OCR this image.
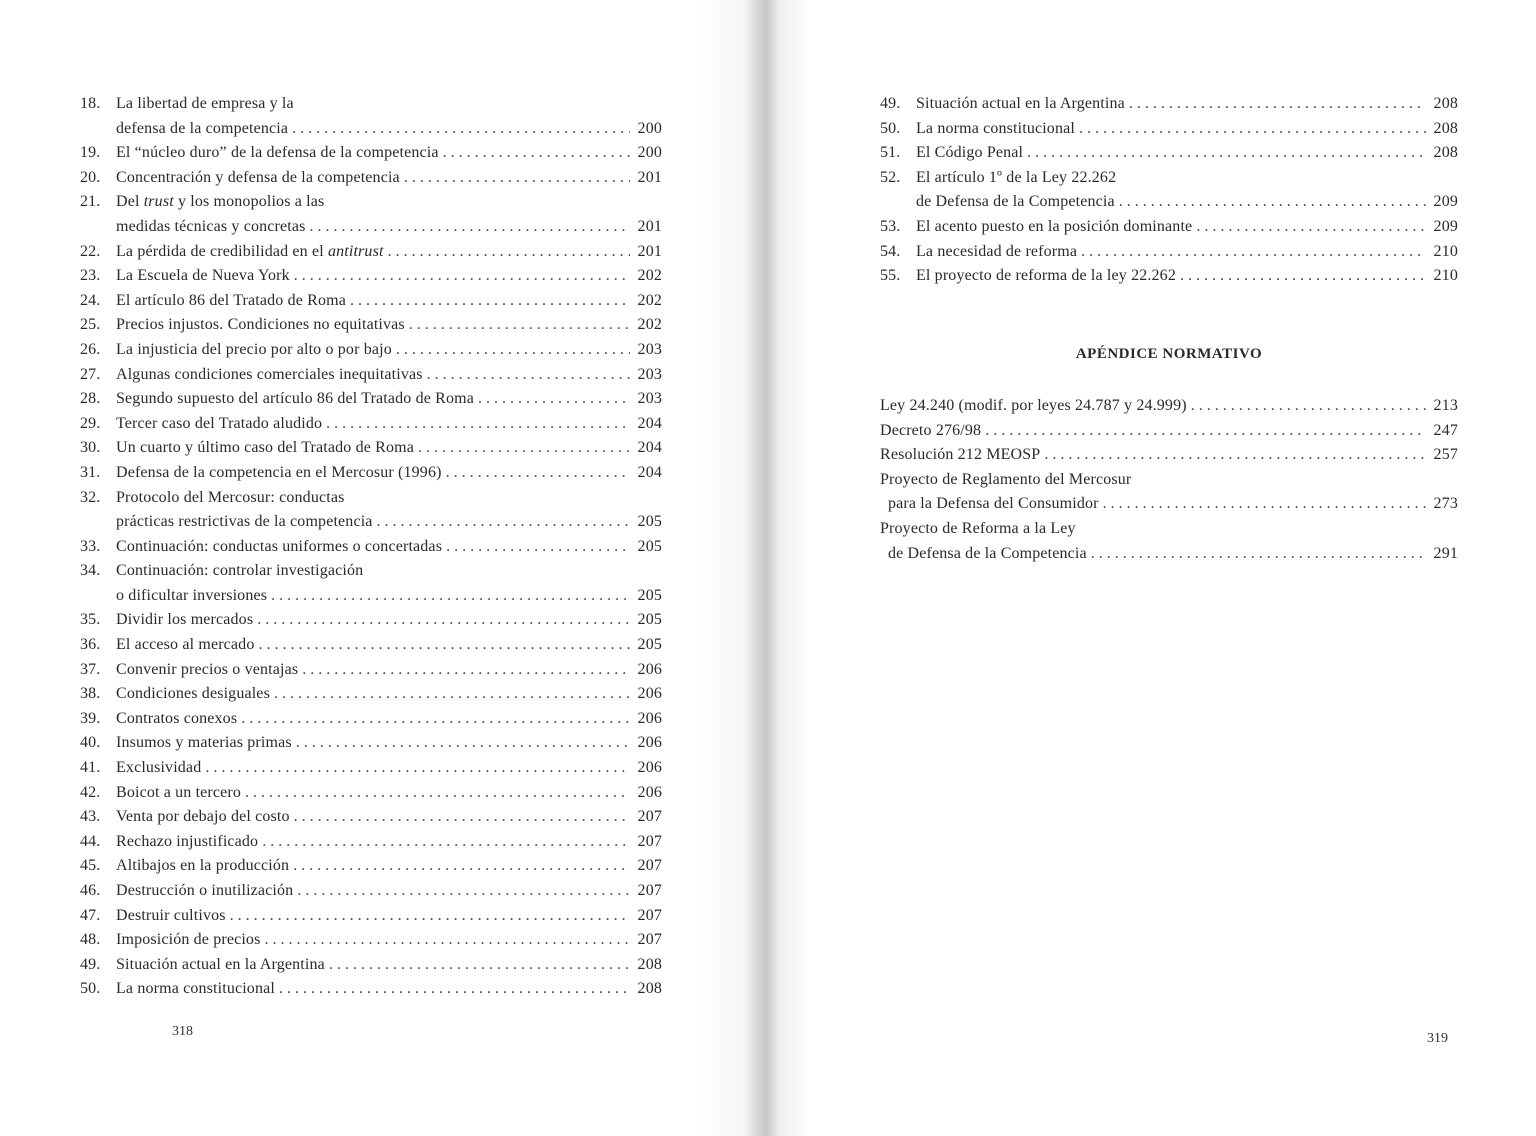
18. La libertad de empresa y la
defensa de la competencia . . .	200
19. El “núcleo duro” de la defensa de la competencia . . .	200
20. Concentración y defensa de la competencia . . .	201
21. Del trust y los monopolios a las
medidas técnicas y concretas . . .	201
22. La pérdida de credibilidad en el antitrust . . .	201
23. La Escuela de Nueva York . . .	202
24. El artículo 86 del Tratado de Roma . . .	202
25. Precios injustos. Condiciones no equitativas . . .	202
26. La injusticia del precio por alto o por bajo . . .	203
27. Algunas condiciones comerciales inequitativas . . .	203
28. Segundo supuesto del artículo 86 del Tratado de Roma . . .	203
29. Tercer caso del Tratado aludido . . .	204
30. Un cuarto y último caso del Tratado de Roma . . .	204
31. Defensa de la competencia en el Mercosur (1996) . . .	204
32. Protocolo del Mercosur: conductas
prácticas restrictivas de la competencia . . .	205
33. Continuación: conductas uniformes o concertadas . . .	205
34. Continuación: controlar investigación
o dificultar inversiones . . .	205
35. Dividir los mercados . . .	205
36. El acceso al mercado . . .	205
37. Convenir precios o ventajas . . .	206
38. Condiciones desiguales . . .	206
39. Contratos conexos . . .	206
40. Insumos y materias primas . . .	206
41. Exclusividad . . .	206
42. Boicot a un tercero . . .	206
43. Venta por debajo del costo . . .	207
44. Rechazo injustificado . . .	207
45. Altibajos en la producción . . .	207
46. Destrucción o inutilización . . .	207
47. Destruir cultivos . . .	207
48. Imposición de precios . . .	207
49. Situación actual en la Argentina . . .	208
50. La norma constitucional . . .	208
318
49. Situación actual en la Argentina . . .	208
50. La norma constitucional . . .	208
51. El Código Penal . . .	208
52. El artículo 1º de la Ley 22.262
de Defensa de la Competencia . . .	209
53. El acento puesto en la posición dominante . . .	209
54. La necesidad de reforma . . .	210
55. El proyecto de reforma de la ley 22.262 . . .	210
APÉNDICE NORMATIVO
Ley 24.240 (modif. por leyes 24.787 y 24.999) . . .	213
Decreto 276/98 . . .	247
Resolución 212 MEOSP . . .	257
Proyecto de Reglamento del Mercosur
para la Defensa del Consumidor . . .	273
Proyecto de Reforma a la Ley
de Defensa de la Competencia . . .	291
319
